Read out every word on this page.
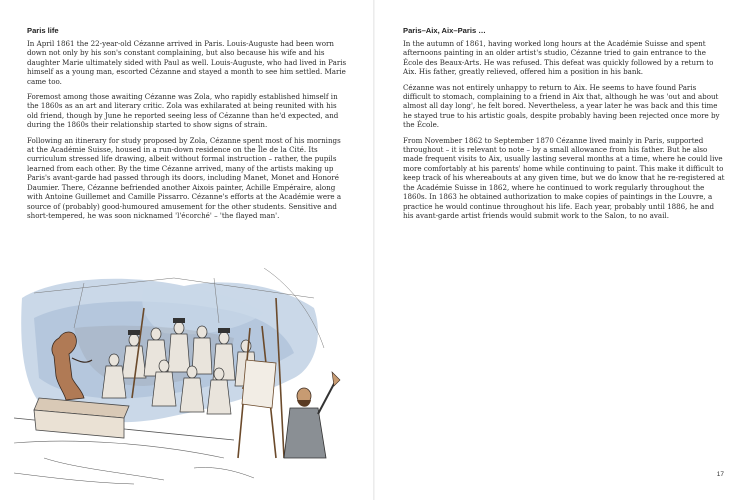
Paris life

In April 1861 the 22-year-old Cézanne arrived in Paris. Louis-Auguste had been worn down not only by his son's constant complaining, but also because his wife and his daughter Marie ultimately sided with Paul as well. Louis-Auguste, who had lived in Paris himself as a young man, escorted Cézanne and stayed a month to see him settled. Marie came too.

Foremost among those awaiting Cézanne was Zola, who rapidly established himself in the 1860s as an art and literary critic. Zola was exhilarated at being reunited with his old friend, though by June he reported seeing less of Cézanne than he'd expected, and during the 1860s their relationship started to show signs of strain.

Following an itinerary for study proposed by Zola, Cézanne spent most of his mornings at the Académie Suisse, housed in a run-down residence on the Île de la Cité. Its curriculum stressed life drawing, albeit without formal instruction – rather, the pupils learned from each other. By the time Cézanne arrived, many of the artists making up Paris's avant-garde had passed through its doors, including Manet, Monet and Honoré Daumier. There, Cézanne befriended another Aixois painter, Achille Empéraire, along with Antoine Guillemet and Camille Pissarro. Cézanne's efforts at the Académie were a source of (probably) good-humoured amusement for the other students. Sensitive and short-tempered, he was soon nicknamed 'l'écorché' – 'the flayed man'.

Paris–Aix, Aix–Paris …

In the autumn of 1861, having worked long hours at the Académie Suisse and spent afternoons painting in an older artist's studio, Cézanne tried to gain entrance to the École des Beaux-Arts. He was refused. This defeat was quickly followed by a return to Aix. His father, greatly relieved, offered him a position in his bank.

Cézanne was not entirely unhappy to return to Aix. He seems to have found Paris difficult to stomach, complaining to a friend in Aix that, although he was 'out and about almost all day long', he felt bored. Nevertheless, a year later he was back and this time he stayed true to his artistic goals, despite probably having been rejected once more by the École.

From November 1862 to September 1870 Cézanne lived mainly in Paris, supported throughout – it is relevant to note – by a small allowance from his father. But he also made frequent visits to Aix, usually lasting several months at a time, where he could live more comfortably at his parents' home while continuing to paint. This make it difficult to keep track of his whereabouts at any given time, but we do know that he re-registered at the Académie Suisse in 1862, where he continued to work regularly throughout the 1860s. In 1863 he obtained authorization to make copies of paintings in the Louvre, a practice he would continue throughout his life. Each year, probably until 1886, he and his avant-garde artist friends would submit work to the Salon, to no avail.

17
